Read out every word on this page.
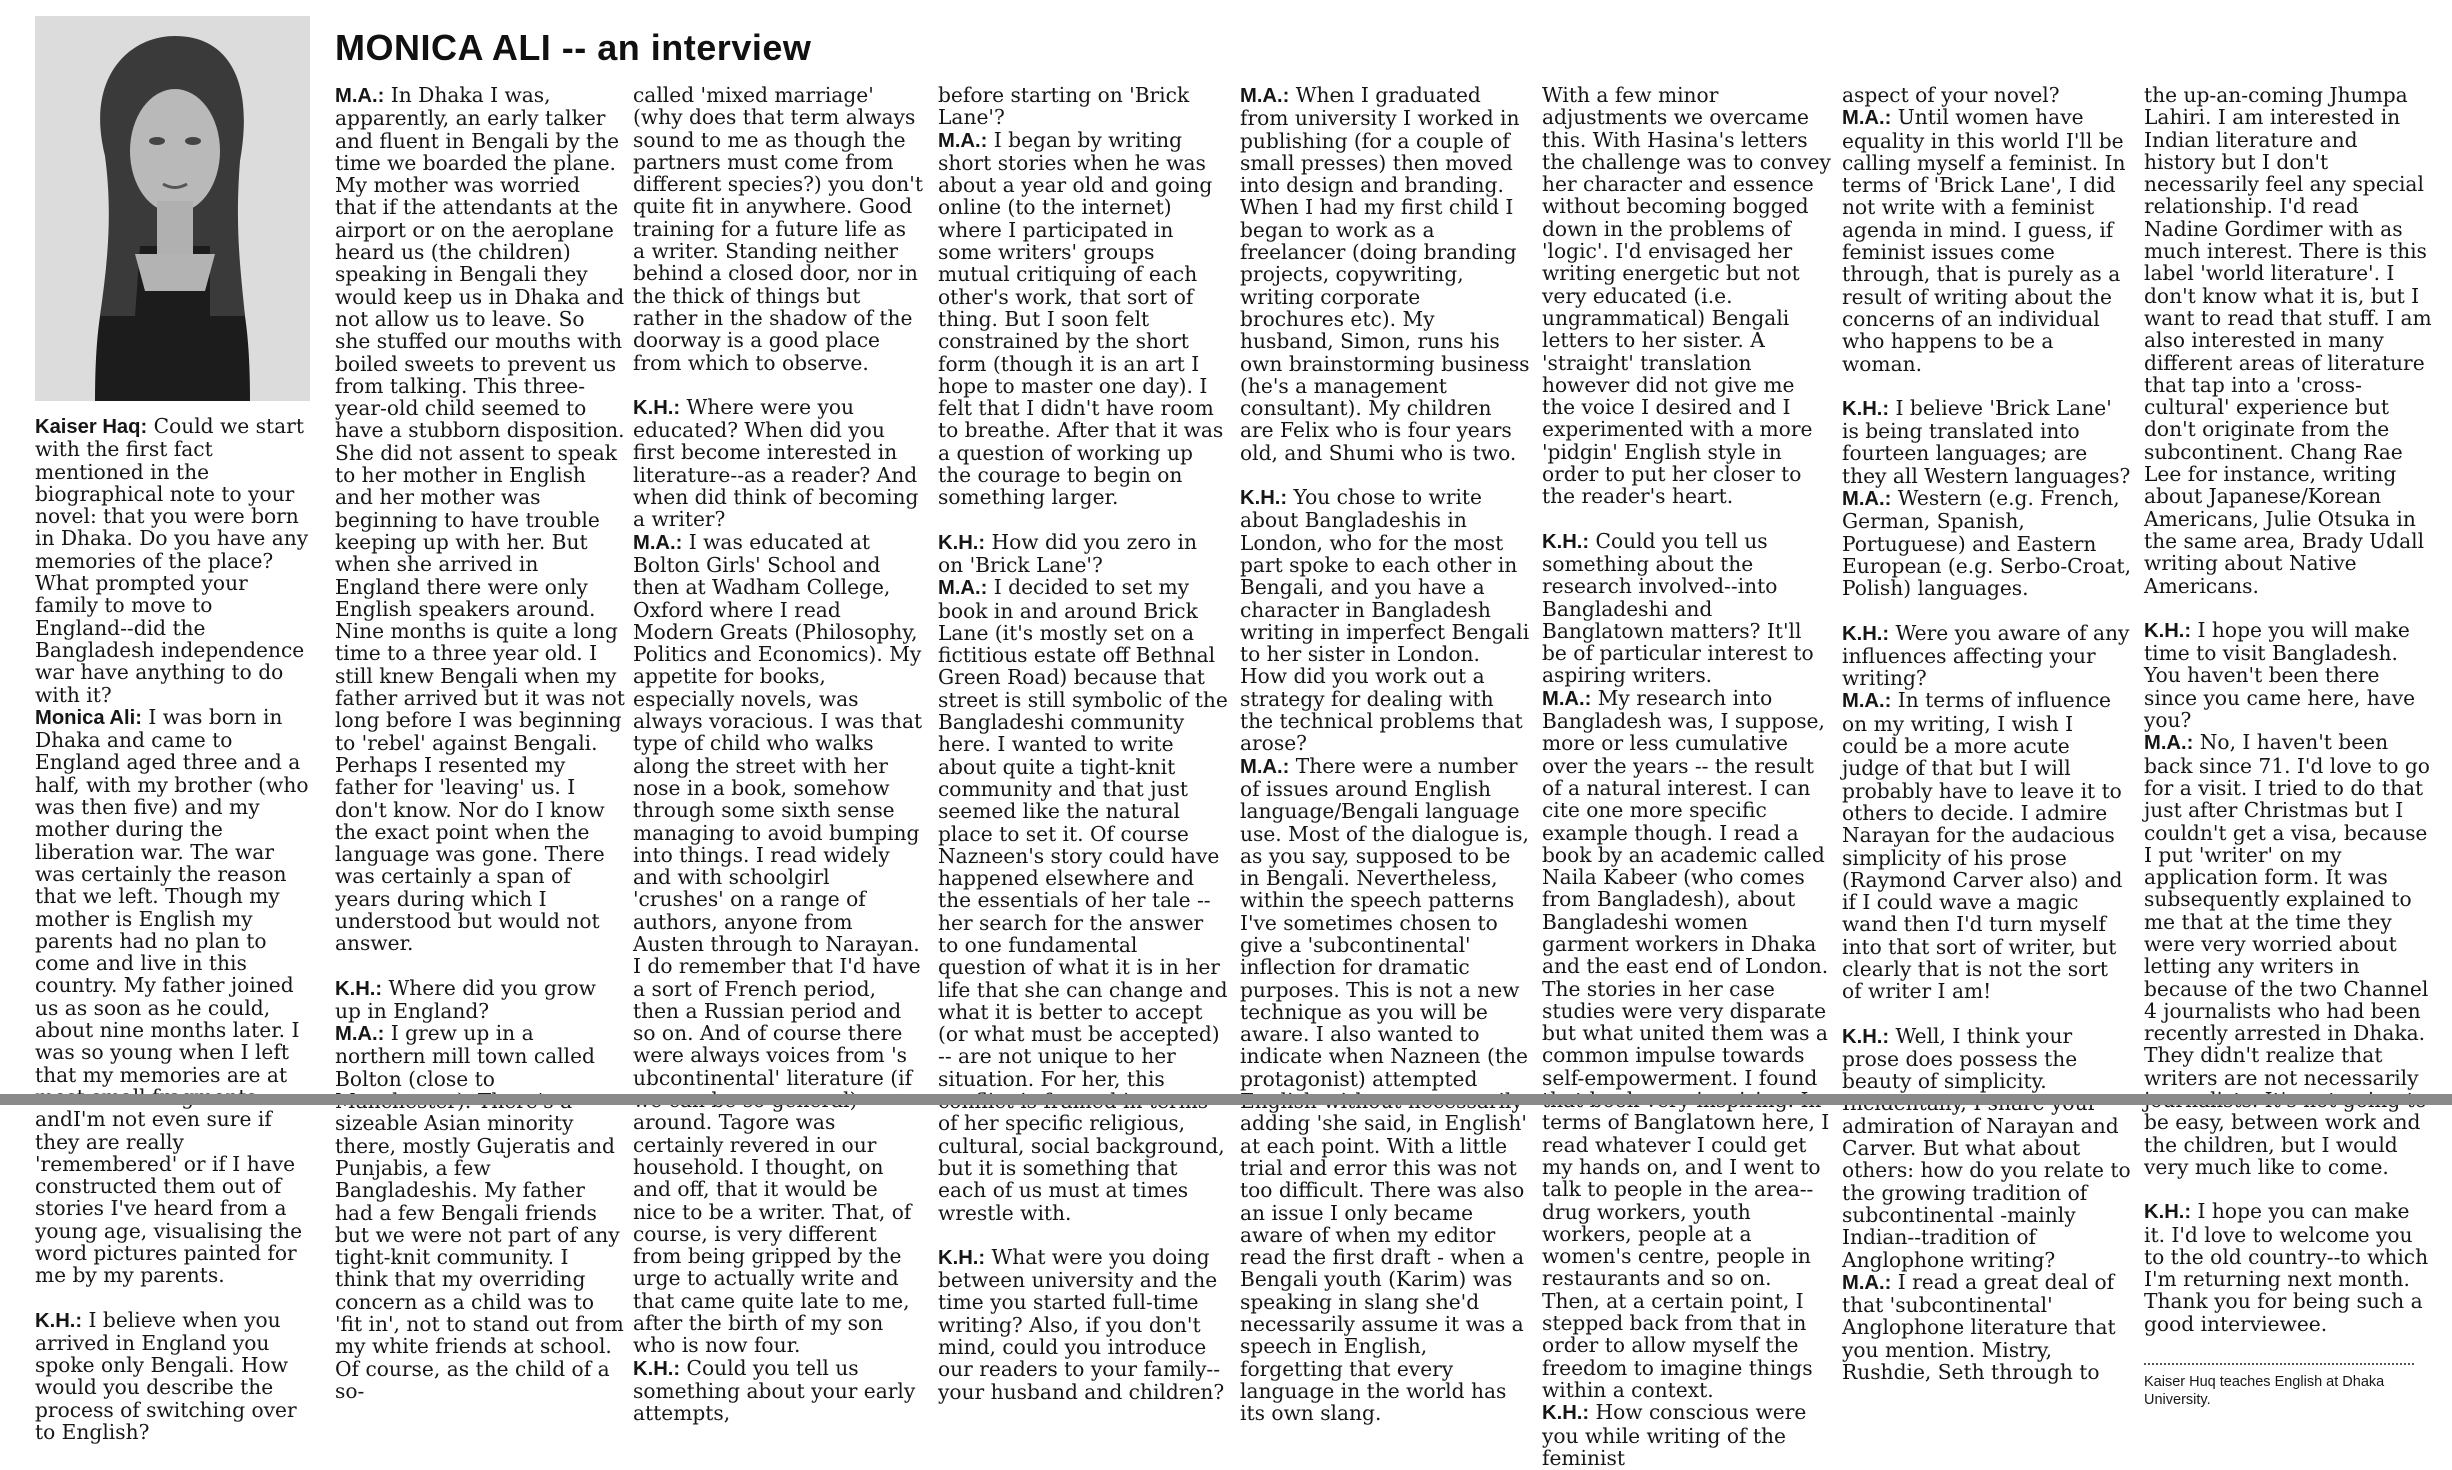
MONICA ALI -- an interview

Kaiser Haq: Could we start with the first fact mentioned in the biographical note to your novel: that you were born in Dhaka. Do you have any memories of the place? What prompted your family to move to England--did the Bangladesh independence war have anything to do with it?

Monica Ali: I was born in Dhaka and came to England aged three and a half, with my brother (who was then five) and my mother during the liberation war. The war was certainly the reason that we left. Though my mother is English my parents had no plan to come and live in this country. My father joined us as soon as he could, about nine months later. I was so young when I left that my memories are at andI'm not even sure if they are really 'remembered' or if I have constructed them out of stories I've heard from a young age, visualising the word pictures painted for me by my parents.

K.H.: I believe when you arrived in England you spoke only Bengali. How would you describe the process of switching over to English?

M.A.: In Dhaka I was, apparently, an early talker and fluent in Bengali by the time we boarded the plane. My mother was worried that if the attendants at the airport or on the aeroplane heard us (the children) speaking in Bengali they would keep us in Dhaka and not allow us to leave. So she stuffed our mouths with boiled sweets to prevent us from talking. This three-year-old child seemed to have a stubborn disposition. She did not assent to speak to her mother in English and her mother was beginning to have trouble keeping up with her. But when she arrived in England there were only English speakers around. Nine months is quite a long time to a three year old. I still knew Bengali when my father arrived but it was not long before I was beginning to 'rebel' against Bengali. Perhaps I resented my father for 'leaving' us. I don't know. Nor do I know the exact point when the language was gone. There was certainly a span of years during which I understood but would not answer.

K.H.: Where did you grow up in England?

M.A.: I grew up in a northern mill town called Bolton (close to sizeable Asian minority there, mostly Gujeratis and Punjabis, a few Bangladeshis. My father had a few Bengali friends but we were not part of any tight-knit community. I think that my overriding concern as a child was to 'fit in', not to stand out from my white friends at school. Of course, as the child of a so-

called 'mixed marriage' (why does that term always sound to me as though the partners must come from different species?) you don't quite fit in anywhere. Good training for a future life as a writer. Standing neither behind a closed door, nor in the thick of things but rather in the shadow of the doorway is a good place from which to observe.

K.H.: Where were you educated? When did you first become interested in literature--as a reader? And when did think of becoming a writer?

M.A.: I was educated at Bolton Girls' School and then at Wadham College, Oxford where I read Modern Greats (Philosophy, Politics and Economics). My appetite for books, especially novels, was always voracious. I was that type of child who walks along the street with her nose in a book, somehow through some sixth sense managing to avoid bumping into things. I read widely and with schoolgirl 'crushes' on a range of authors, anyone from Austen through to Narayan. I do remember that I'd have a sort of French period, then a Russian period and so on. And of course there were always voices from 's ubcontinental' literature (if around. Tagore was certainly revered in our household. I thought, on and off, that it would be nice to be a writer. That, of course, is very different from being gripped by the urge to actually write and that came quite late to me, after the birth of my son who is now four.

K.H.: Could you tell us something about your early attempts,

before starting on 'Brick Lane'?

M.A.: I began by writing short stories when he was about a year old and going online (to the internet) where I participated in some writers' groups mutual critiquing of each other's work, that sort of thing. But I soon felt constrained by the short form (though it is an art I hope to master one day). I felt that I didn't have room to breathe. After that it was a question of working up the courage to begin on something larger.

K.H.: How did you zero in on 'Brick Lane'?

M.A.: I decided to set my book in and around Brick Lane (it's mostly set on a fictitious estate off Bethnal Green Road) because that street is still symbolic of the Bangladeshi community here. I wanted to write about quite a tight-knit community and that just seemed like the natural place to set it. Of course Nazneen's story could have happened elsewhere and the essentials of her tale -- her search for the answer to one fundamental question of what it is in her life that she can change and what it is better to accept (or what must be accepted) -- are not unique to her situation. For her, this of her specific religious, cultural, social background, but it is something that each of us must at times wrestle with.

K.H.: What were you doing between university and the time you started full-time writing? Also, if you don't mind, could you introduce our readers to your family--your husband and children?

M.A.: When I graduated from university I worked in publishing (for a couple of small presses) then moved into design and branding. When I had my first child I began to work as a freelancer (doing branding projects, copywriting, writing corporate brochures etc). My husband, Simon, runs his own brainstorming business (he's a management consultant). My children are Felix who is four years old, and Shumi who is two.

K.H.: You chose to write about Bangladeshis in London, who for the most part spoke to each other in Bengali, and you have a character in Bangladesh writing in imperfect Bengali to her sister in London. How did you work out a strategy for dealing with the technical problems that arose?

M.A.: There were a number of issues around English language/Bengali language use. Most of the dialogue is, as you say, supposed to be in Bengali. Nevertheless, within the speech patterns I've sometimes chosen to give a 'subcontinental' inflection for dramatic purposes. This is not a new technique as you will be aware. I also wanted to indicate when Nazneen (the protagonist) attempted adding 'she said, in English' at each point. With a little trial and error this was not too difficult. There was also an issue I only became aware of when my editor read the first draft - when a Bengali youth (Karim) was speaking in slang she'd necessarily assume it was a speech in English, forgetting that every language in the world has its own slang.

With a few minor adjustments we overcame this. With Hasina's letters the challenge was to convey her character and essence without becoming bogged down in the problems of 'logic'. I'd envisaged her writing energetic but not very educated (i.e. ungrammatical) Bengali letters to her sister. A 'straight' translation however did not give me the voice I desired and I experimented with a more 'pidgin' English style in order to put her closer to the reader's heart.

K.H.: Could you tell us something about the research involved--into Bangladeshi and Banglatown matters? It'll be of particular interest to aspiring writers.

M.A.: My research into Bangladesh was, I suppose, more or less cumulative over the years -- the result of a natural interest. I can cite one more specific example though. I read a book by an academic called Naila Kabeer (who comes from Bangladesh), about Bangladeshi women garment workers in Dhaka and the east end of London. The stories in her case studies were very disparate but what united them was a common impulse towards self-empowerment. I found terms of Banglatown here, I read whatever I could get my hands on, and I went to talk to people in the area--drug workers, youth workers, people at a women's centre, people in restaurants and so on. Then, at a certain point, I stepped back from that in order to allow myself the freedom to imagine things within a context.

K.H.: How conscious were you while writing of the feminist

aspect of your novel?

M.A.: Until women have equality in this world I'll be calling myself a feminist. In terms of 'Brick Lane', I did not write with a feminist agenda in mind. I guess, if feminist issues come through, that is purely as a result of writing about the concerns of an individual who happens to be a woman.

K.H.: I believe 'Brick Lane' is being translated into fourteen languages; are they all Western languages?

M.A.: Western (e.g. French, German, Spanish, Portuguese) and Eastern European (e.g. Serbo-Croat, Polish) languages.

K.H.: Were you aware of any influences affecting your writing?

M.A.: In terms of influence on my writing, I wish I could be a more acute judge of that but I will probably have to leave it to others to decide. I admire Narayan for the audacious simplicity of his prose (Raymond Carver also) and if I could wave a magic wand then I'd turn myself into that sort of writer, but clearly that is not the sort of writer I am!

K.H.: Well, I think your prose does possess the beauty of simplicity. admiration of Narayan and Carver. But what about others: how do you relate to the growing tradition of subcontinental -mainly Indian--tradition of Anglophone writing?

M.A.: I read a great deal of that 'subcontinental' Anglophone literature that you mention. Mistry, Rushdie, Seth through to

the up-an-coming Jhumpa Lahiri. I am interested in Indian literature and history but I don't necessarily feel any special relationship. I'd read Nadine Gordimer with as much interest. There is this label 'world literature'. I don't know what it is, but I want to read that stuff. I am also interested in many different areas of literature that tap into a 'cross-cultural' experience but don't originate from the subcontinent. Chang Rae Lee for instance, writing about Japanese/Korean Americans, Julie Otsuka in the same area, Brady Udall writing about Native Americans.

K.H.: I hope you will make time to visit Bangladesh. You haven't been there since you came here, have you?

M.A.: No, I haven't been back since 71. I'd love to go for a visit. I tried to do that just after Christmas but I couldn't get a visa, because I put 'writer' on my application form. It was subsequently explained to me that at the time they were very worried about letting any writers in because of the two Channel 4 journalists who had been recently arrested in Dhaka. They didn't realize that writers are not necessarily be easy, between work and the children, but I would very much like to come.

K.H.: I hope you can make it. I'd love to welcome you to the old country--to which I'm returning next month. Thank you for being such a good interviewee.

Kaiser Huq teaches English at Dhaka University.
